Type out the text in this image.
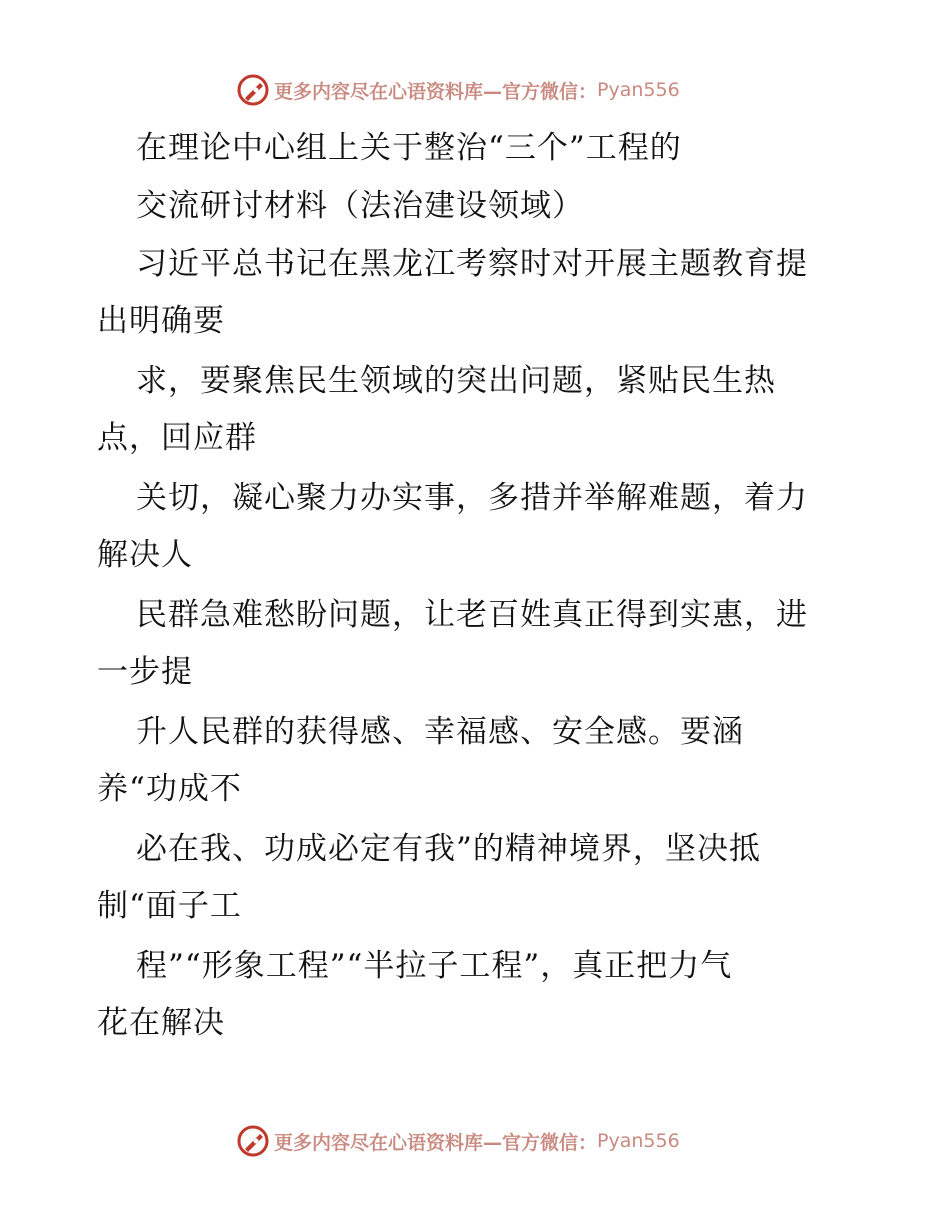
更多内容尽在心语资料库—官方微信： Pyan556
在理论中心组上关于整治“三个”工程的
交流研讨材料（法治建设领域）
习近平总书记在黑龙江考察时对开展主题教育提
出明确要
求，要聚焦民生领域的突出问题，紧贴民生热
点，回应群
关切，凝心聚力办实事，多措并举解难题，着力
解决人
民群急难愁盼问题，让老百姓真正得到实惠，进
一步提
升人民群的获得感、幸福感、安全感。要涵
养“功成不
必在我、功成必定有我”的精神境界，坚决抵
制“面子工
程”“形象工程”“半拉子工程”，真正把力气
花在解决
更多内容尽在心语资料库—官方微信： Pyan556
